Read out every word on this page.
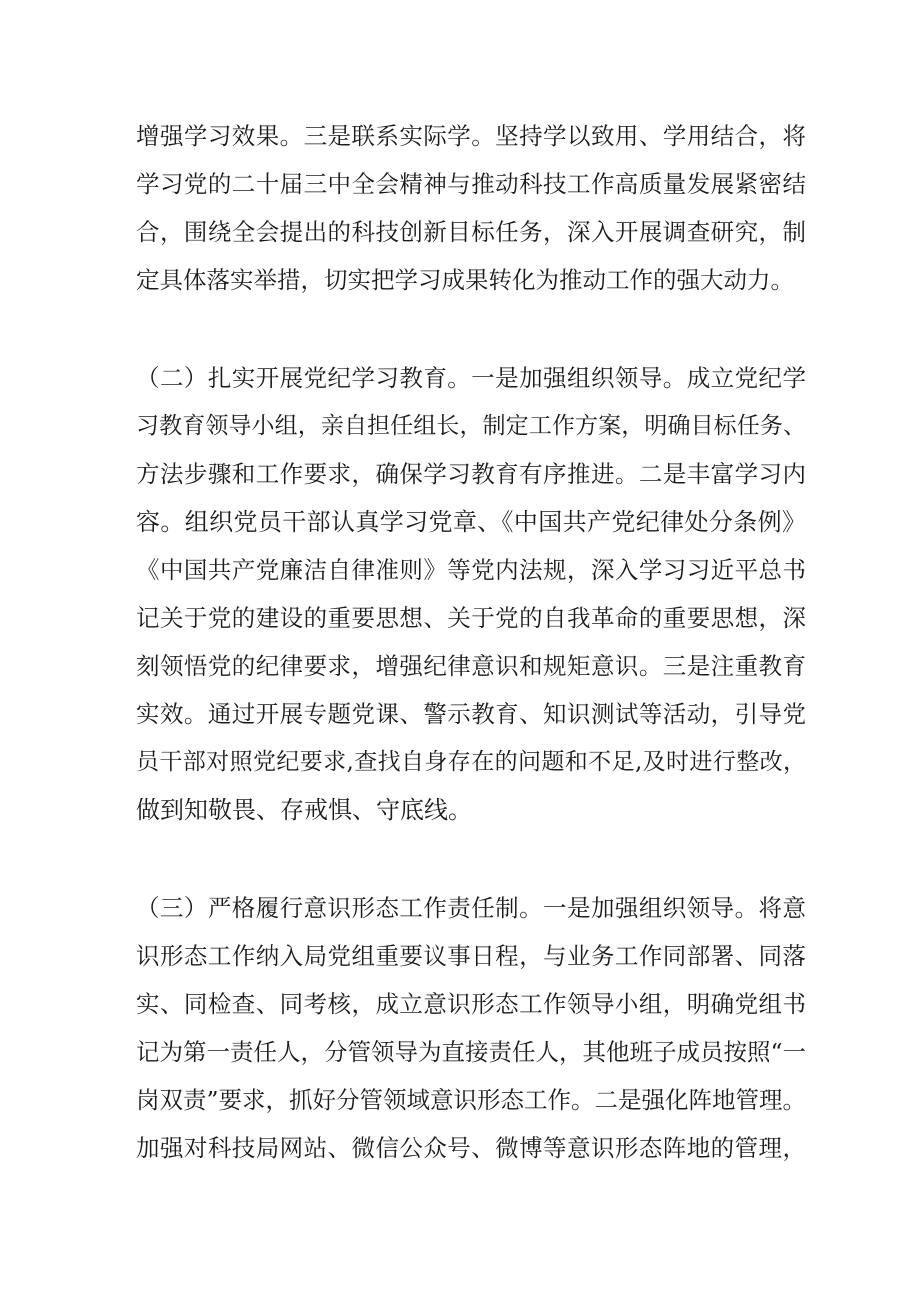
增强学习效果。三是联系实际学。坚持学以致用、学用结合，将
学习党的二十届三中全会精神与推动科技工作高质量发展紧密结
合，围绕全会提出的科技创新目标任务，深入开展调查研究，制
定具体落实举措，切实把学习成果转化为推动工作的强大动力。
（二）扎实开展党纪学习教育。一是加强组织领导。成立党纪学
习教育领导小组，亲自担任组长，制定工作方案，明确目标任务、
方法步骤和工作要求，确保学习教育有序推进。二是丰富学习内
容。组织党员干部认真学习党章、《中国共产党纪律处分条例》
《中国共产党廉洁自律准则》等党内法规，深入学习习近平总书
记关于党的建设的重要思想、关于党的自我革命的重要思想，深
刻领悟党的纪律要求，增强纪律意识和规矩意识。三是注重教育
实效。通过开展专题党课、警示教育、知识测试等活动，引导党
员干部对照党纪要求,查找自身存在的问题和不足,及时进行整改，
做到知敬畏、存戒惧、守底线。
（三）严格履行意识形态工作责任制。一是加强组织领导。将意
识形态工作纳入局党组重要议事日程，与业务工作同部署、同落
实、同检查、同考核，成立意识形态工作领导小组，明确党组书
记为第一责任人，分管领导为直接责任人，其他班子成员按照“一
岗双责”要求，抓好分管领域意识形态工作。二是强化阵地管理。
加强对科技局网站、微信公众号、微博等意识形态阵地的管理，
